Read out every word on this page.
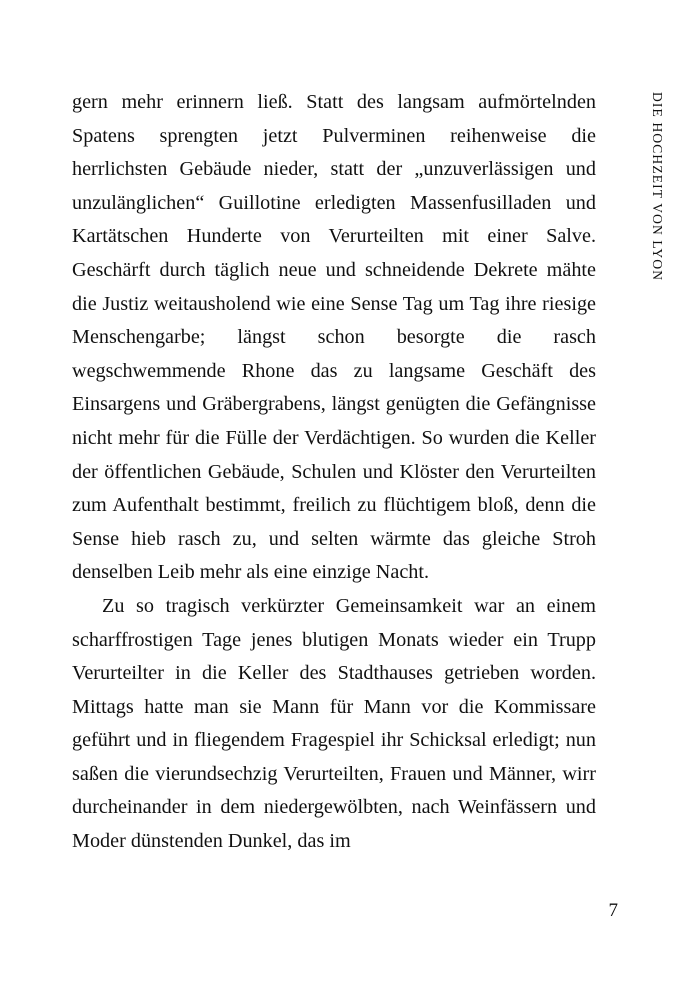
DIE HOCHZEIT VON LYON

gern mehr erinnern ließ. Statt des langsam aufmörtelnden Spatens sprengten jetzt Pulverminen reihenweise die herrlichsten Gebäude nieder, statt der „unzuverlässigen und unzulänglichen“ Guillotine erledigten Massenfusilladen und Kartätschen Hunderte von Verurteilten mit einer Salve. Geschärft durch täglich neue und schneidende Dekrete mähte die Justiz weitausholend wie eine Sense Tag um Tag ihre riesige Menschengarbe; längst schon besorgte die rasch wegschwemmende Rhone das zu langsame Geschäft des Einsargens und Gräbergrabens, längst genügten die Gefängnisse nicht mehr für die Fülle der Verdächtigen. So wurden die Keller der öffentlichen Gebäude, Schulen und Klöster den Verurteilten zum Aufenthalt bestimmt, freilich zu flüchtigem bloß, denn die Sense hieb rasch zu, und selten wärmte das gleiche Stroh denselben Leib mehr als eine einzige Nacht.

Zu so tragisch verkürzter Gemeinsamkeit war an einem scharffrostigen Tage jenes blutigen Monats wieder ein Trupp Verurteilter in die Keller des Stadthauses getrieben worden. Mittags hatte man sie Mann für Mann vor die Kommissare geführt und in fliegendem Fragespiel ihr Schicksal erledigt; nun saßen die vierundsechzig Verurteilten, Frauen und Männer, wirr durcheinander in dem niedergewölbten, nach Weinfässern und Moder dünstenden Dunkel, das im

7
